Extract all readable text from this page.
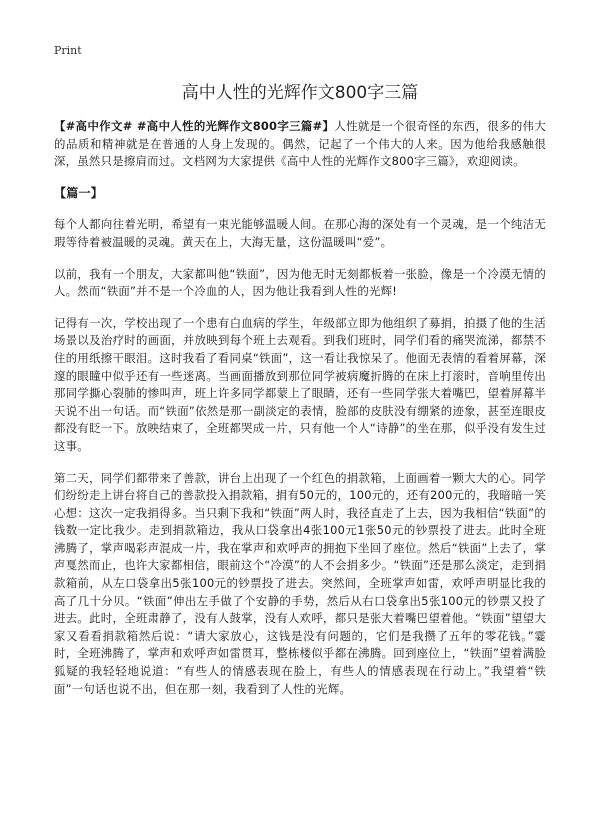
Print
高中人性的光辉作文800字三篇

【#高中作文# #高中人性的光辉作文800字三篇#】人性就是一个很奇怪的东西，很多的伟大的品质和精神就是在普通的人身上发现的。偶然，记起了一个伟大的人来。因为他给我感触很深，虽然只是擦肩而过。文档网为大家提供《高中人性的光辉作文800字三篇》，欢迎阅读。

【篇一】

每个人都向往着光明，希望有一束光能够温暖人间。在那心海的深处有一个灵魂，是一个纯洁无瑕等待着被温暖的灵魂。黄天在上，大海无量，这份温暖叫“爱”。

以前，我有一个朋友，大家都叫他“铁面”，因为他无时无刻都板着一张脸，像是一个冷漠无情的人。然而“铁面”并不是一个冷血的人，因为他让我看到人性的光辉!

记得有一次，学校出现了一个患有白血病的学生，年级部立即为他组织了募捐，拍摄了他的生活场景以及治疗时的画面，并放映到每个班上去观看。到我们班时，同学们看的痛哭流涕，都禁不住的用纸擦干眼泪。这时我看了看同桌“铁面”，这一看让我惊呆了。他面无表情的看着屏幕，深邃的眼瞳中似乎还有一些迷离。当画面播放到那位同学被病魔折腾的在床上打滚时，音响里传出那同学撕心裂肺的惨叫声，班上许多同学都蒙上了眼睛，还有一些同学张大着嘴巴，望着屏幕半天说不出一句话。而“铁面”依然是那一副淡定的表情，脸部的皮肤没有绷紧的迹象，甚至连眼皮都没有眨一下。放映结束了，全班都哭成一片，只有他一个人“诗静”的坐在那，似乎没有发生过这事。

第二天，同学们都带来了善款，讲台上出现了一个红色的捐款箱，上面画着一颗大大的心。同学们纷纷走上讲台将自己的善款投入捐款箱，捐有50元的，100元的，还有200元的，我暗暗一笑心想：这次一定我捐得多。当只剩下我和“铁面”两人时，我径直走了上去，因为我相信“铁面”的钱数一定比我少。走到捐款箱边，我从口袋拿出4张100元1张50元的钞票投了进去。此时全班沸腾了，掌声喝彩声混成一片，我在掌声和欢呼声的拥抱下坐回了座位。然后“铁面”上去了，掌声戛然而止，也许大家都相信，眼前这个“冷漠”的人不会捐多少。“铁面”还是那么淡定，走到捐款箱前，从左口袋拿出5张100元的钞票投了进去。突然间，全班掌声如雷，欢呼声明显比我的高了几十分贝。“铁面”伸出左手做了个安静的手势，然后从右口袋拿出5张100元的钞票又投了进去。此时，全班肃静了，没有人鼓掌，没有人欢呼，都只是张大着嘴巴望着他。“铁面”望望大家又看看捐款箱然后说：“请大家放心，这钱是没有问题的，它们是我攒了五年的零花钱。”霎时，全班沸腾了，掌声和欢呼声如雷贯耳，整栋楼似乎都在沸腾。回到座位上，“铁面”望着满脸狐疑的我轻轻地说道：“有些人的情感表现在脸上，有些人的情感表现在行动上。”我望着“铁面”一句话也说不出，但在那一刻，我看到了人性的光辉。
